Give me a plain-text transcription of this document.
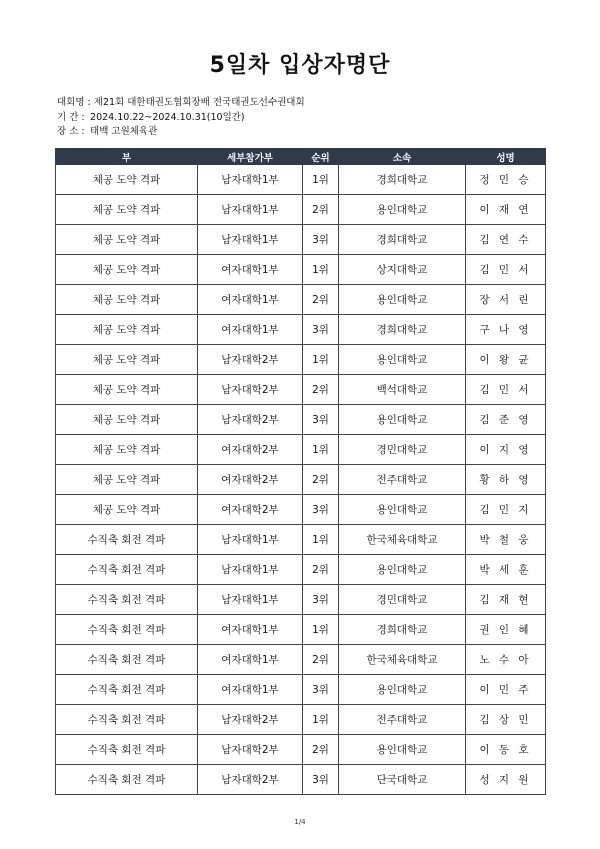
5일차 입상자명단
대회명 : 제21회 대한태권도협회장배 전국태권도선수권대회
기 간 : 2024.10.22~2024.10.31(10일간)
장 소 : 태백 고원체육관
부	세부참가부	순위	소속	성명
체공 도약 격파	남자대학1부	1위	경희대학교	정 민 승
체공 도약 격파	남자대학1부	2위	용인대학교	이 재 연
체공 도약 격파	남자대학1부	3위	경희대학교	김 연 수
체공 도약 격파	여자대학1부	1위	상지대학교	김 민 서
체공 도약 격파	여자대학1부	2위	용인대학교	장 서 린
체공 도약 격파	여자대학1부	3위	경희대학교	구 나 영
체공 도약 격파	남자대학2부	1위	용인대학교	이 왕 균
체공 도약 격파	남자대학2부	2위	백석대학교	김 민 서
체공 도약 격파	남자대학2부	3위	용인대학교	김 준 영
체공 도약 격파	여자대학2부	1위	경민대학교	이 지 영
체공 도약 격파	여자대학2부	2위	전주대학교	황 하 영
체공 도약 격파	여자대학2부	3위	용인대학교	김 민 지
수직축 회전 격파	남자대학1부	1위	한국체육대학교	박 철 웅
수직축 회전 격파	남자대학1부	2위	용인대학교	박 세 훈
수직축 회전 격파	남자대학1부	3위	경민대학교	김 재 현
수직축 회전 격파	여자대학1부	1위	경희대학교	권 인 혜
수직축 회전 격파	여자대학1부	2위	한국체육대학교	노 수 아
수직축 회전 격파	여자대학1부	3위	용인대학교	이 민 주
수직축 회전 격파	남자대학2부	1위	전주대학교	김 상 민
수직축 회전 격파	남자대학2부	2위	용인대학교	이 동 호
수직축 회전 격파	남자대학2부	3위	단국대학교	성 지 원
1/4
